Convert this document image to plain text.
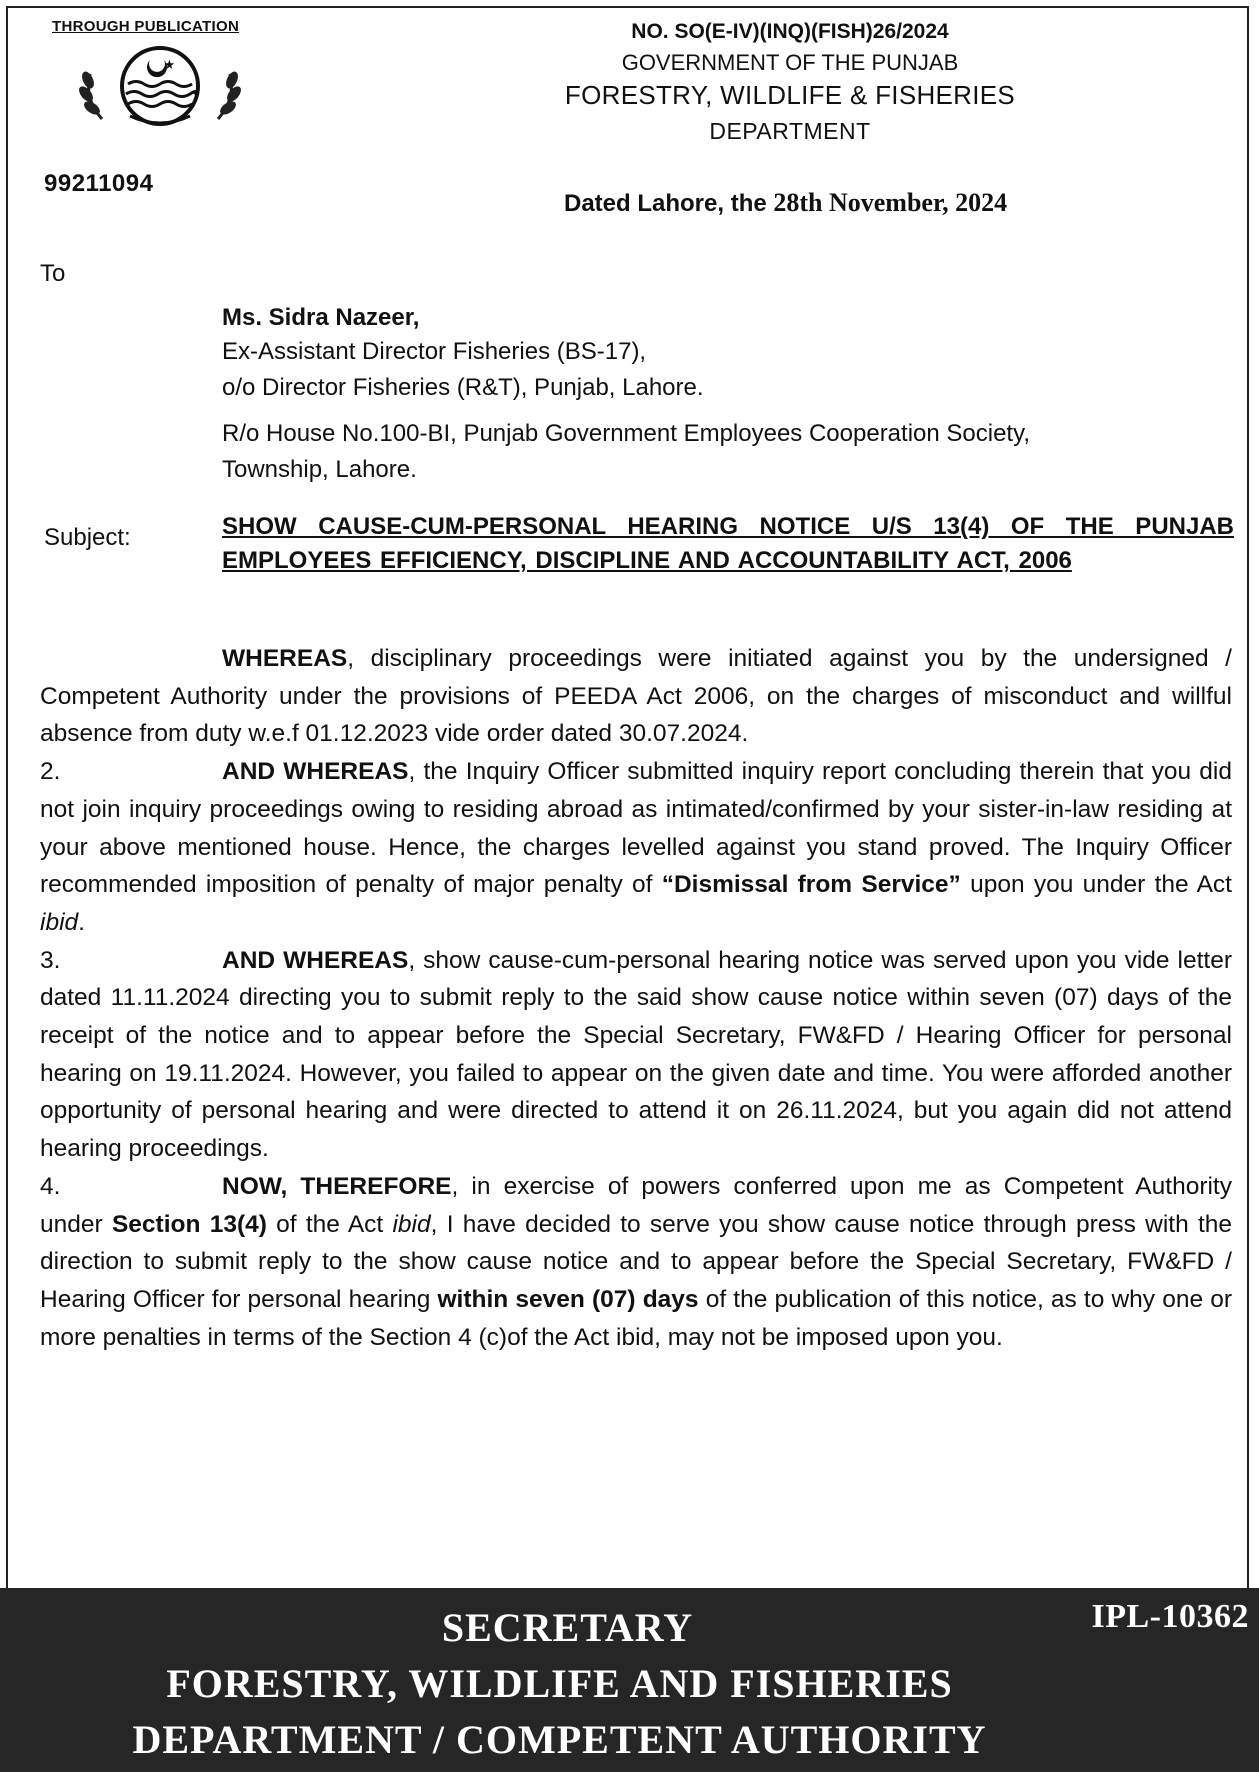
THROUGH PUBLICATION
• • •
99211094
NO. SO(E-IV)(INQ)(FISH)26/2024
GOVERNMENT OF THE PUNJAB
FORESTRY, WILDLIFE & FISHERIES
DEPARTMENT
Dated Lahore, the 28th November, 2024
To
Ms. Sidra Nazeer,
Ex-Assistant Director Fisheries (BS-17),
o/o Director Fisheries (R&T), Punjab, Lahore.
R/o House No.100-BI, Punjab Government Employees Cooperation Society,
Township, Lahore.
Subject:	SHOW CAUSE-CUM-PERSONAL HEARING NOTICE U/S 13(4) OF THE PUNJAB EMPLOYEES EFFICIENCY, DISCIPLINE AND ACCOUNTABILITY ACT, 2006

WHEREAS, disciplinary proceedings were initiated against you by the undersigned / Competent Authority under the provisions of PEEDA Act 2006, on the charges of misconduct and willful absence from duty w.e.f 01.12.2023 vide order dated 30.07.2024.

2.	AND WHEREAS, the Inquiry Officer submitted inquiry report concluding therein that you did not join inquiry proceedings owing to residing abroad as intimated/confirmed by your sister-in-law residing at your above mentioned house. Hence, the charges levelled against you stand proved. The Inquiry Officer recommended imposition of penalty of major penalty of “Dismissal from Service” upon you under the Act ibid.

3.	AND WHEREAS, show cause-cum-personal hearing notice was served upon you vide letter dated 11.11.2024 directing you to submit reply to the said show cause notice within seven (07) days of the receipt of the notice and to appear before the Special Secretary, FW&FD / Hearing Officer for personal hearing on 19.11.2024. However, you failed to appear on the given date and time. You were afforded another opportunity of personal hearing and were directed to attend it on 26.11.2024, but you again did not attend hearing proceedings.

4.	NOW, THEREFORE, in exercise of powers conferred upon me as Competent Authority under Section 13(4) of the Act ibid, I have decided to serve you show cause notice through press with the direction to submit reply to the show cause notice and to appear before the Special Secretary, FW&FD / Hearing Officer for personal hearing within seven (07) days of the publication of this notice, as to why one or more penalties in terms of the Section 4 (c)of the Act ibid, may not be imposed upon you.

SECRETARY
FORESTRY, WILDLIFE AND FISHERIES
DEPARTMENT / COMPETENT AUTHORITY
IPL-10362
